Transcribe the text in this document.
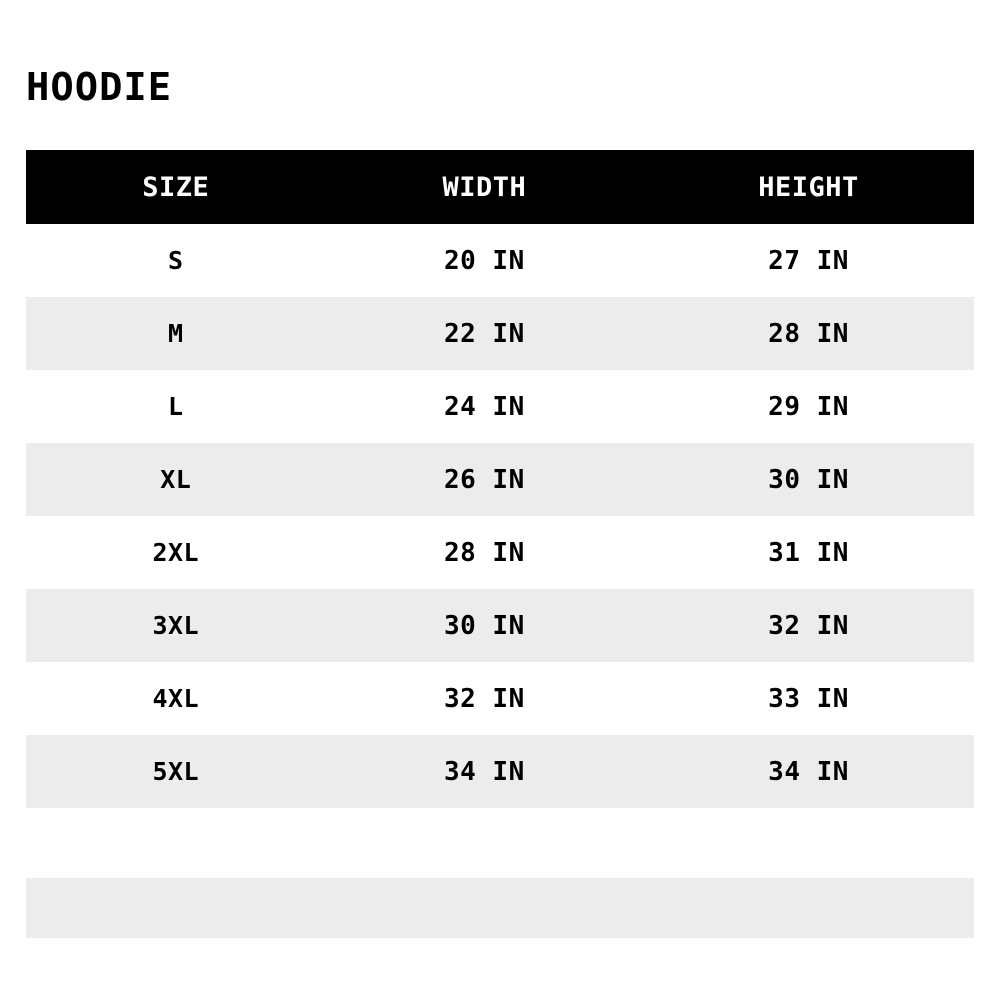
HOODIE
SIZE	WIDTH	HEIGHT
S	20 IN	27 IN
M	22 IN	28 IN
L	24 IN	29 IN
XL	26 IN	30 IN
2XL	28 IN	31 IN
3XL	30 IN	32 IN
4XL	32 IN	33 IN
5XL	34 IN	34 IN
